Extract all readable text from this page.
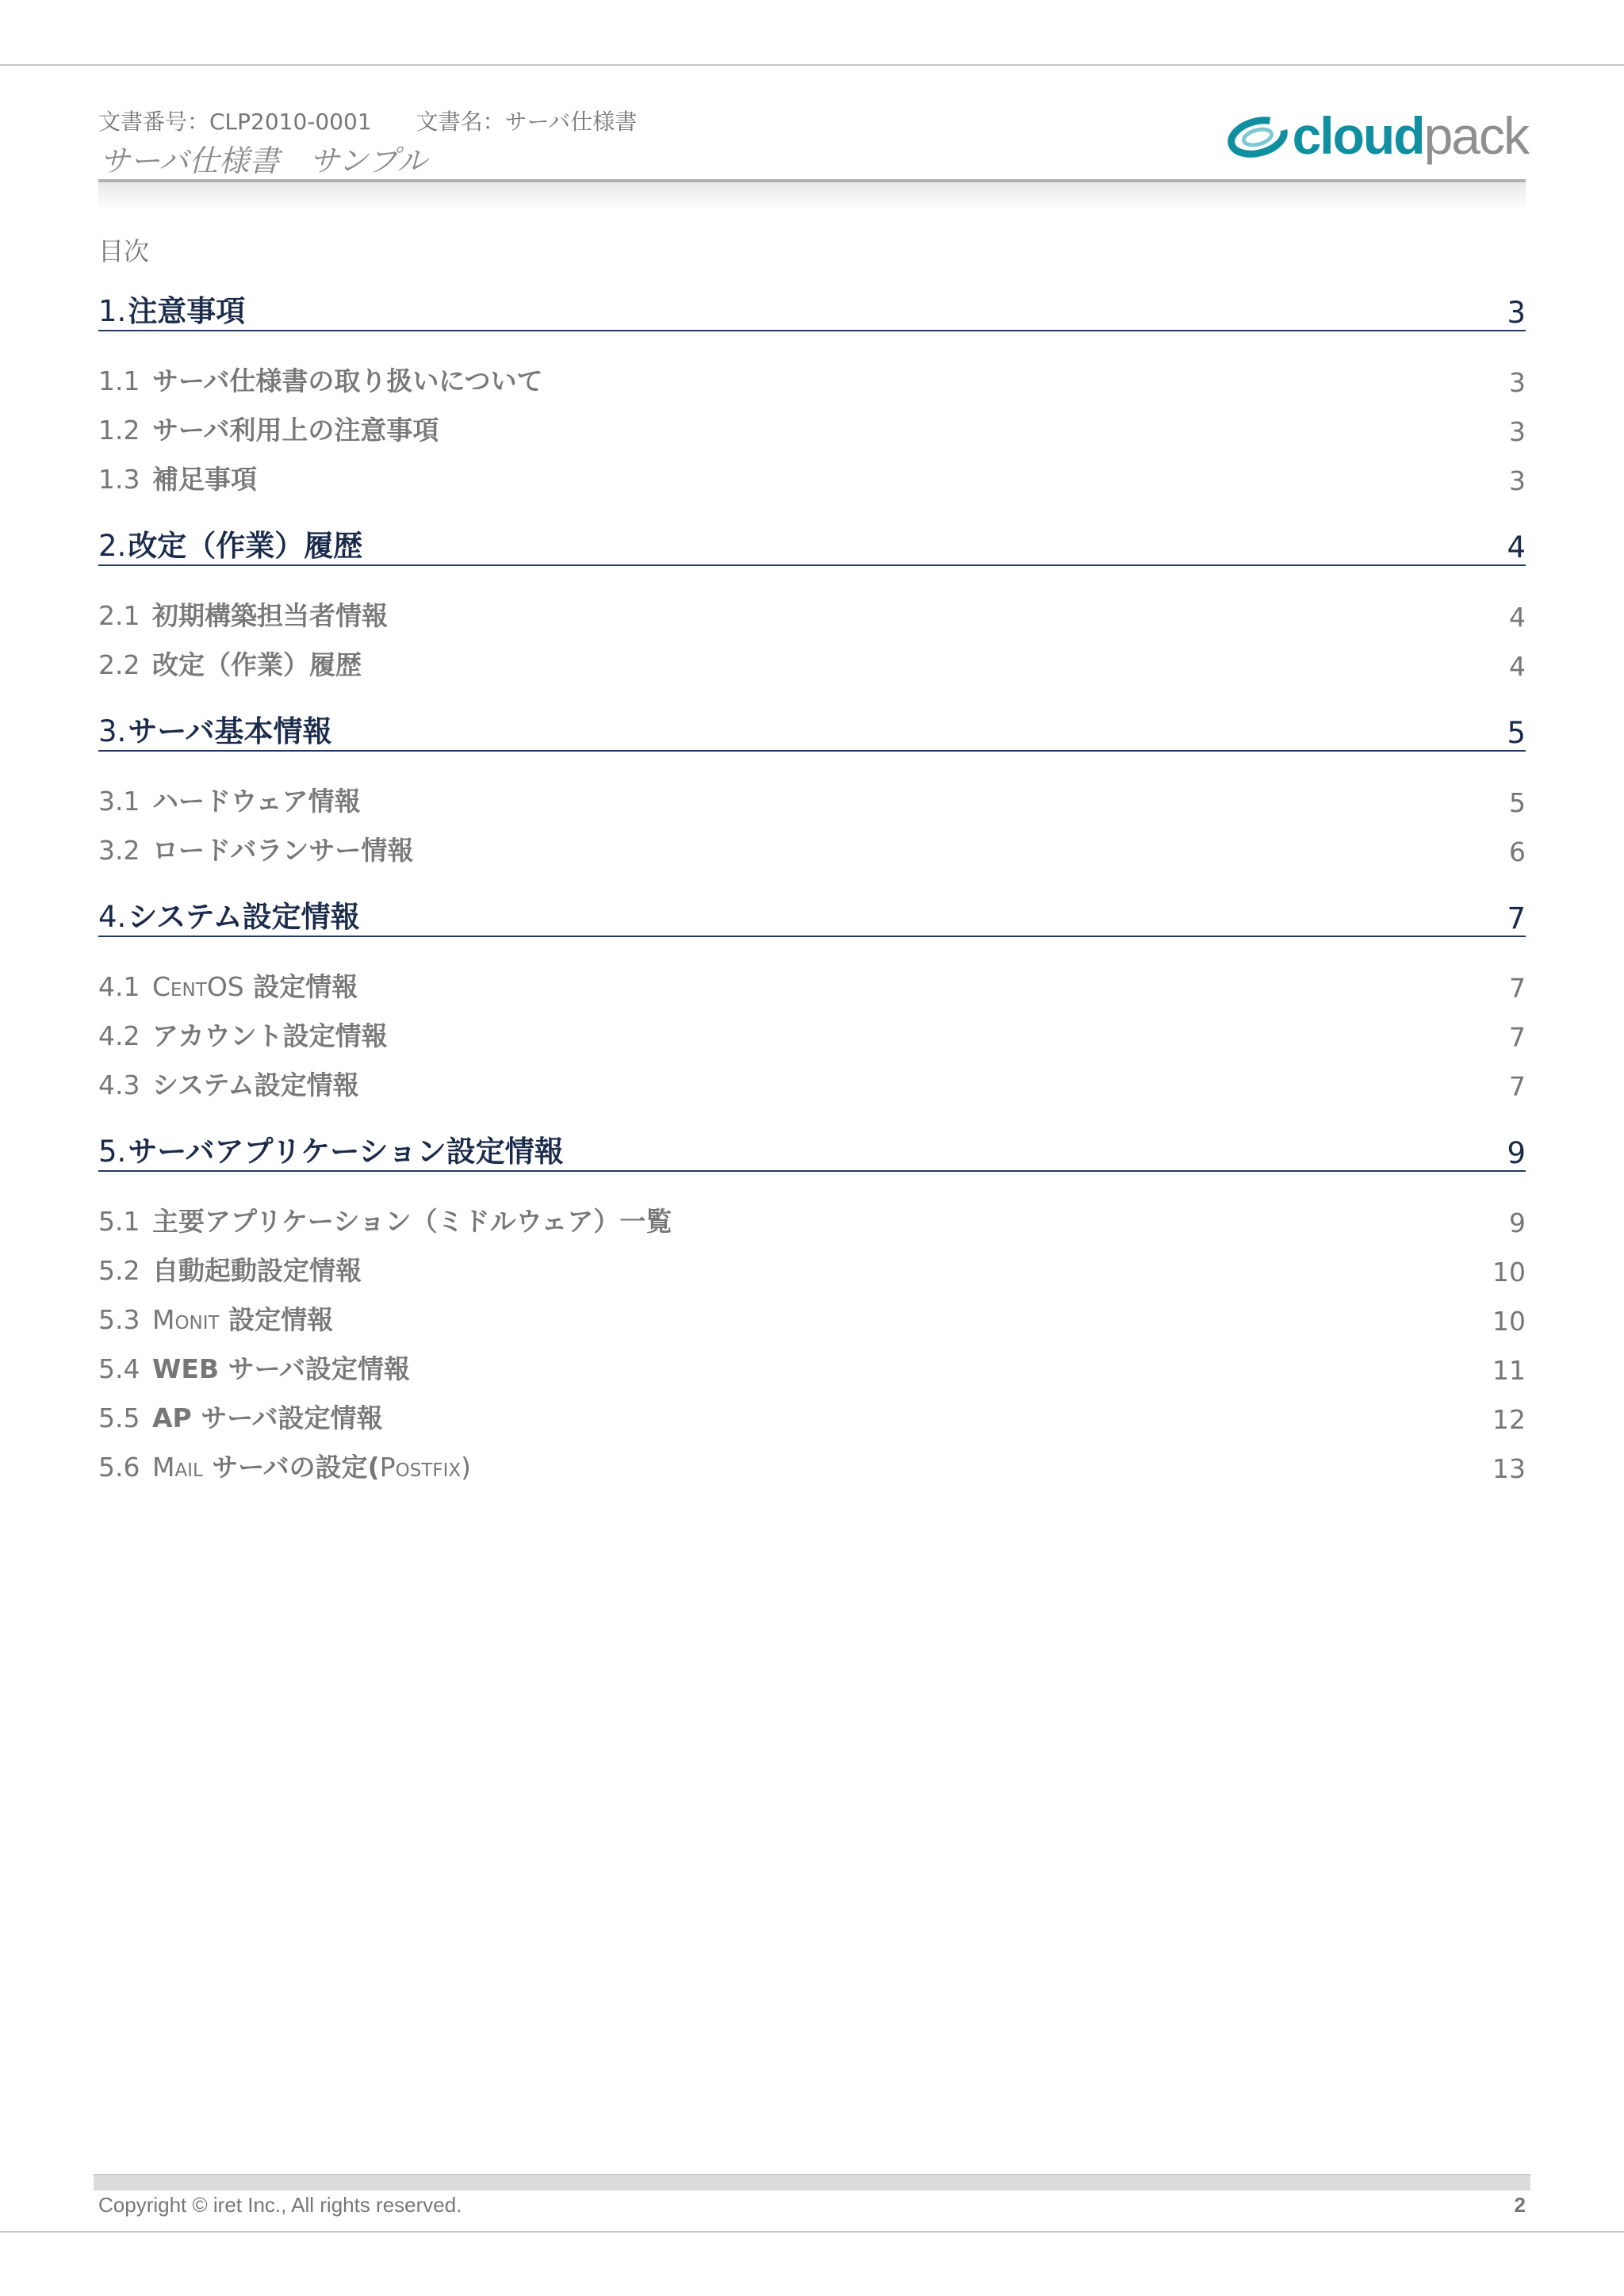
文書番号：CLP2010-0001 文書名：サーバ仕様書
サーバ仕様書　サンプル	cloudpack
目次
1.注意事項	3
1.1 サーバ仕様書の取り扱いについて	3
1.2 サーバ利用上の注意事項	3
1.3 補足事項	3
2.改定（作業）履歴	4
2.1 初期構築担当者情報	4
2.2 改定（作業）履歴	4
3.サーバ基本情報	5
3.1 ハードウェア情報	5
3.2 ロードバランサー情報	6
4.システム設定情報	7
4.1 CentOS 設定情報	7
4.2 アカウント設定情報	7
4.3 システム設定情報	7
5.サーバアプリケーション設定情報	9
5.1 主要アプリケーション（ミドルウェア）一覧	9
5.2 自動起動設定情報	10
5.3 Monit 設定情報	10
5.4 WEB サーバ設定情報	11
5.5 AP サーバ設定情報	12
5.6 Mail サーバの設定(Postfix)	13
Copyright © iret Inc., All rights reserved.	2
